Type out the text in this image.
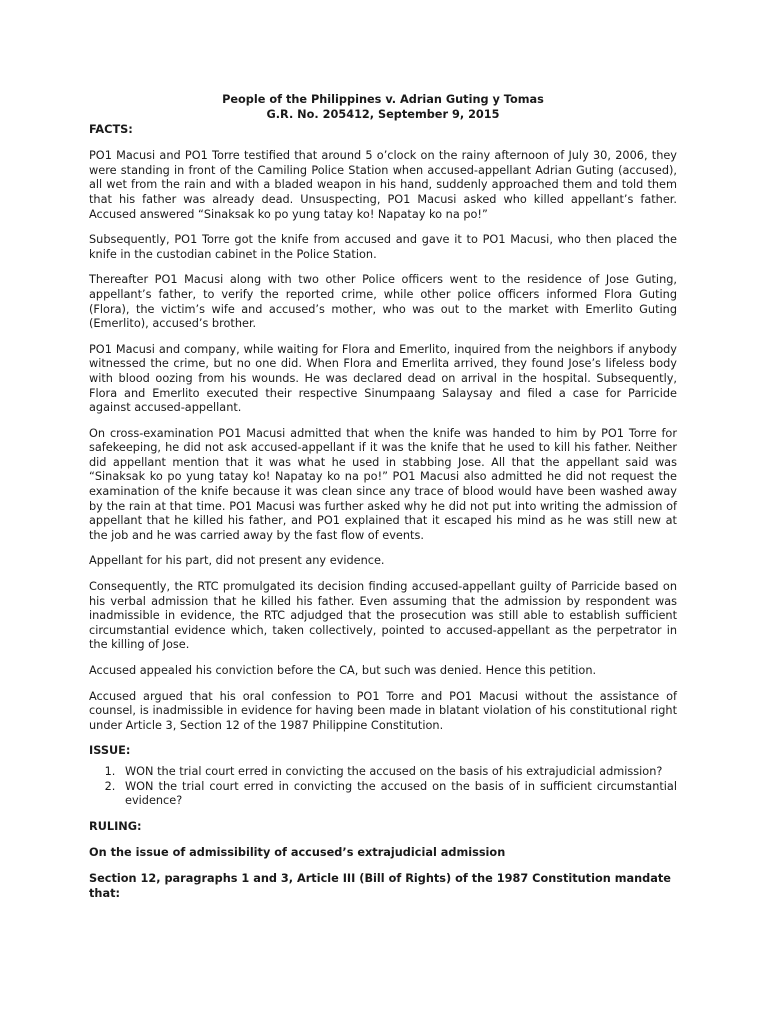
People of the Philippines v. Adrian Guting y Tomas

G.R. No. 205412, September 9, 2015

FACTS:

PO1 Macusi and PO1 Torre testified that around 5 o’clock on the rainy afternoon of July 30, 2006, they were standing in front of the Camiling Police Station when accused-appellant Adrian Guting (accused), all wet from the rain and with a bladed weapon in his hand, suddenly approached them and told them that his father was already dead. Unsuspecting, PO1 Macusi asked who killed appellant’s father. Accused answered “Sinaksak ko po yung tatay ko! Napatay ko na po!”

Subsequently, PO1 Torre got the knife from accused and gave it to PO1 Macusi, who then placed the knife in the custodian cabinet in the Police Station.

Thereafter PO1 Macusi along with two other Police officers went to the residence of Jose Guting, appellant’s father, to verify the reported crime, while other police officers informed Flora Guting (Flora), the victim’s wife and accused’s mother, who was out to the market with Emerlito Guting (Emerlito), accused’s brother.

PO1 Macusi and company, while waiting for Flora and Emerlito, inquired from the neighbors if anybody witnessed the crime, but no one did. When Flora and Emerlita arrived, they found Jose’s lifeless body with blood oozing from his wounds. He was declared dead on arrival in the hospital. Subsequently, Flora and Emerlito executed their respective Sinumpaang Salaysay and filed a case for Parricide against accused-appellant.

On cross-examination PO1 Macusi admitted that when the knife was handed to him by PO1 Torre for safekeeping, he did not ask accused-appellant if it was the knife that he used to kill his father. Neither did appellant mention that it was what he used in stabbing Jose. All that the appellant said was “Sinaksak ko po yung tatay ko! Napatay ko na po!” PO1 Macusi also admitted he did not request the examination of the knife because it was clean since any trace of blood would have been washed away by the rain at that time. PO1 Macusi was further asked why he did not put into writing the admission of appellant that he killed his father, and PO1 explained that it escaped his mind as he was still new at the job and he was carried away by the fast flow of events.

Appellant for his part, did not present any evidence.

Consequently, the RTC promulgated its decision finding accused-appellant guilty of Parricide based on his verbal admission that he killed his father. Even assuming that the admission by respondent was inadmissible in evidence, the RTC adjudged that the prosecution was still able to establish sufficient circumstantial evidence which, taken collectively, pointed to accused-appellant as the perpetrator in the killing of Jose.

Accused appealed his conviction before the CA, but such was denied. Hence this petition.

Accused argued that his oral confession to PO1 Torre and PO1 Macusi without the assistance of counsel, is inadmissible in evidence for having been made in blatant violation of his constitutional right under Article 3, Section 12 of the 1987 Philippine Constitution.

ISSUE:

1. WON the trial court erred in convicting the accused on the basis of his extrajudicial admission?
2. WON the trial court erred in convicting the accused on the basis of in sufficient circumstantial evidence?

RULING:

On the issue of admissibility of accused’s extrajudicial admission

Section 12, paragraphs 1 and 3, Article III (Bill of Rights) of the 1987 Constitution mandate that:
